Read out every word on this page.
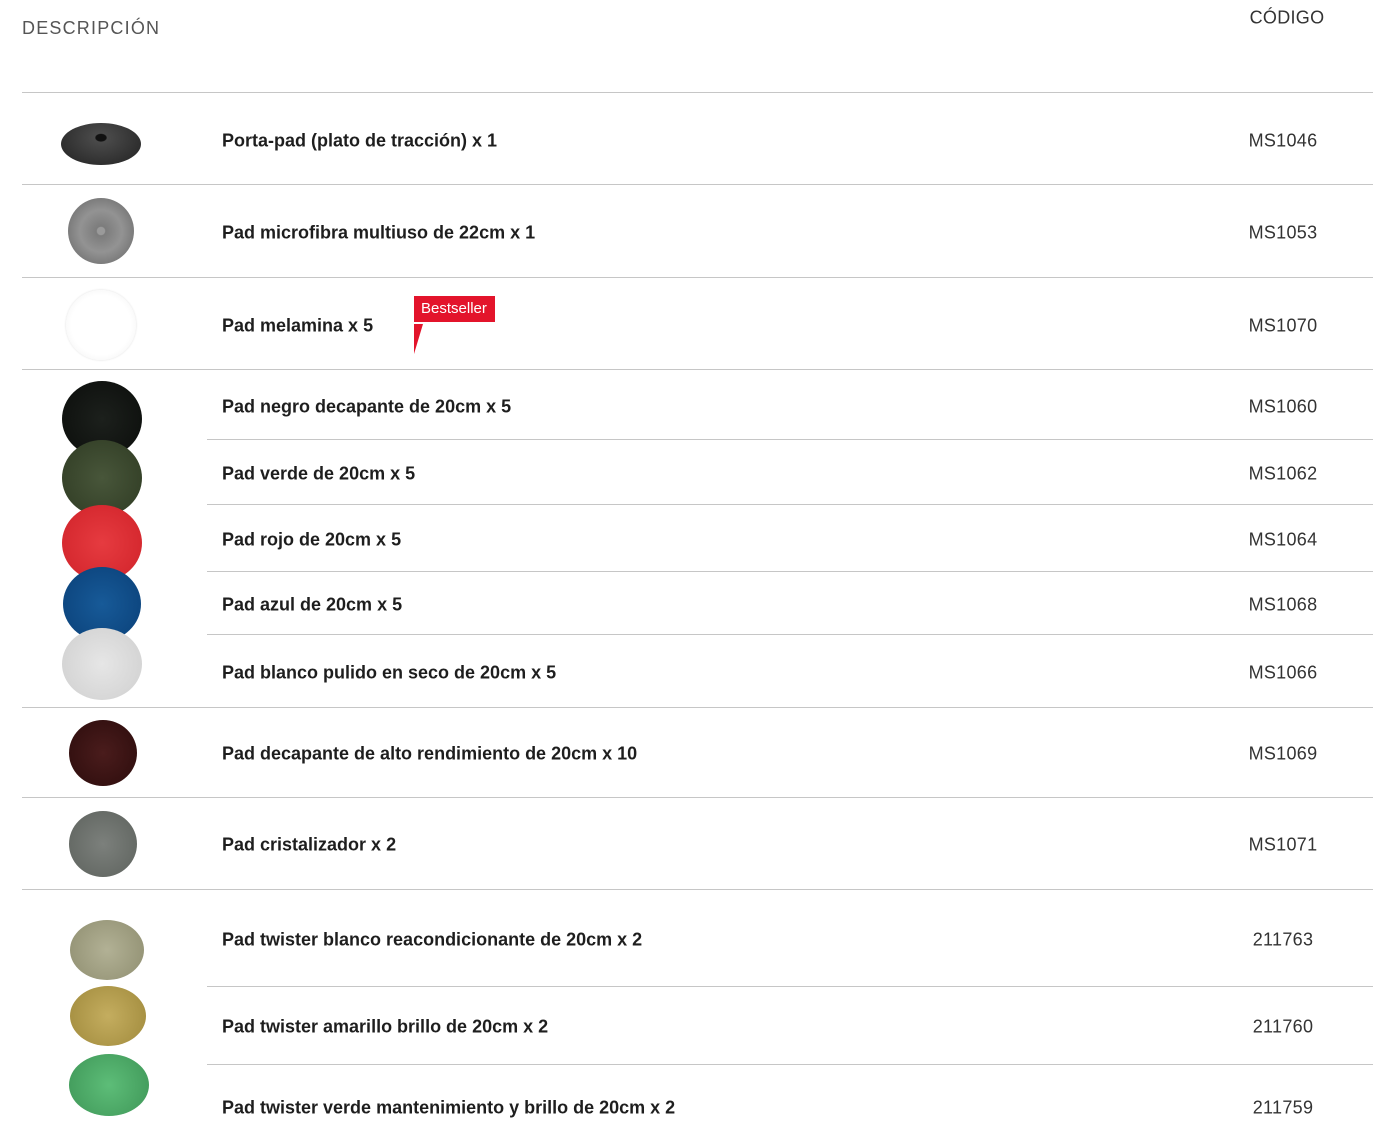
DESCRIPCIÓN
CÓDIGO
Porta-pad (plato de tracción) x 1
Pad microfibra multiuso de 22cm x 1
Pad melamina x 5
Pad negro decapante de 20cm x 5
Pad verde de 20cm x 5
Pad rojo de 20cm x 5
Pad azul de 20cm x 5
Pad blanco pulido en seco de 20cm x 5
Pad decapante de alto rendimiento de 20cm x 10
Pad cristalizador x 2
Pad twister blanco reacondicionante de 20cm x 2
Pad twister amarillo brillo de 20cm x 2
Pad twister verde mantenimiento y brillo de 20cm x 2
Bestseller
MS1046
MS1053
MS1070
MS1060
MS1062
MS1064
MS1068
MS1066
MS1069
MS1071
211763
211760
211759
